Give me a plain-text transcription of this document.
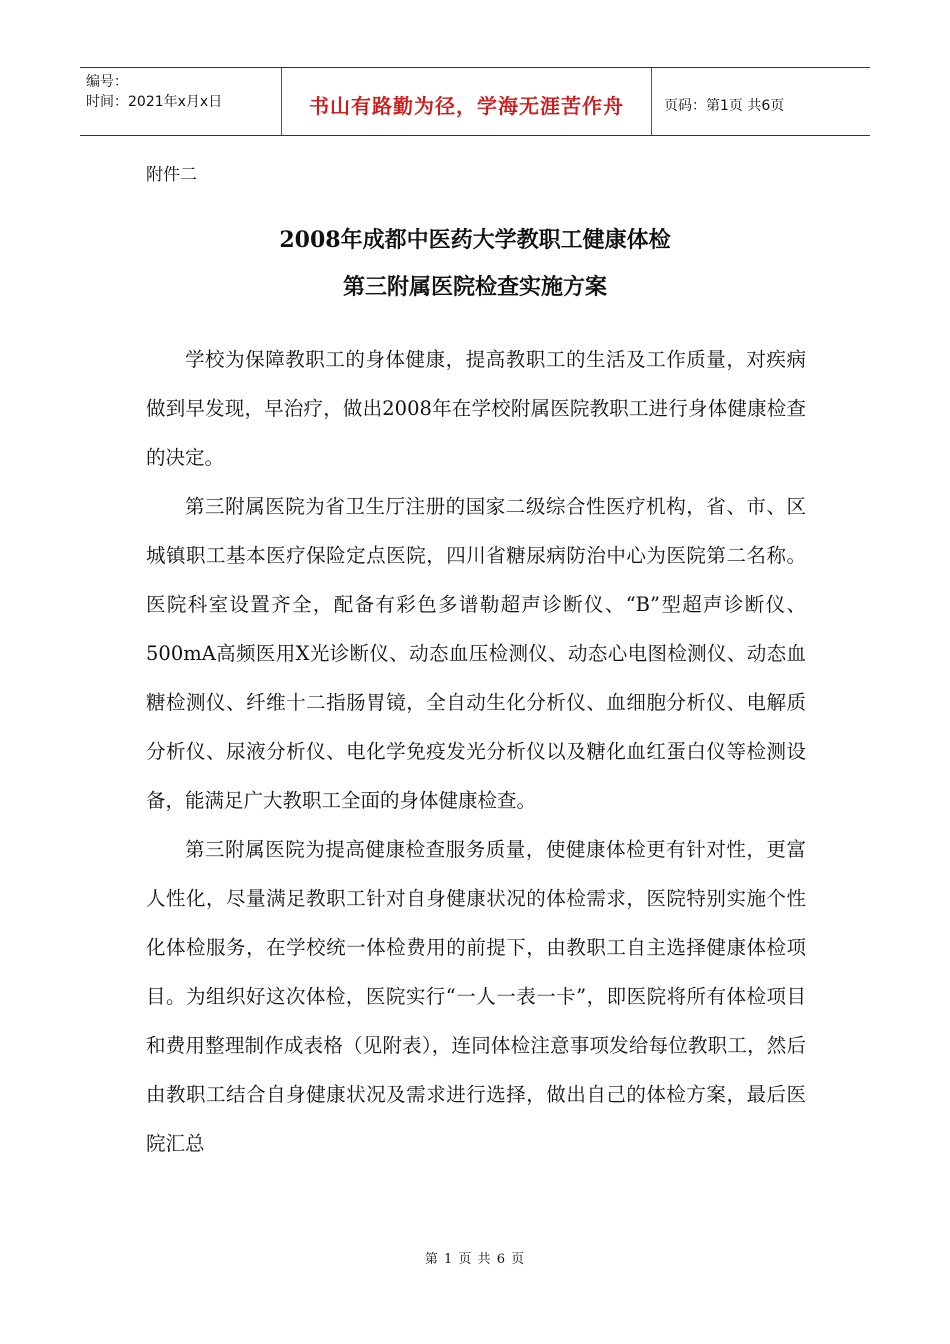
编号：
时间：2021年x月x日	书山有路勤为径，学海无涯苦作舟	页码：第1页 共6页
附件二
2008年成都中医药大学教职工健康体检
第三附属医院检查实施方案

学校为保障教职工的身体健康，提高教职工的生活及工作质量，对疾病做到早发现，早治疗，做出2008年在学校附属医院教职工进行身体健康检查的决定。

第三附属医院为省卫生厅注册的国家二级综合性医疗机构，省、市、区城镇职工基本医疗保险定点医院，四川省糖尿病防治中心为医院第二名称。医院科室设置齐全，配备有彩色多谱勒超声诊断仪、“B”型超声诊断仪、500mA高频医用X光诊断仪、动态血压检测仪、动态心电图检测仪、动态血糖检测仪、纤维十二指肠胃镜，全自动生化分析仪、血细胞分析仪、电解质分析仪、尿液分析仪、电化学免疫发光分析仪以及糖化血红蛋白仪等检测设备，能满足广大教职工全面的身体健康检查。

第三附属医院为提高健康检查服务质量，使健康体检更有针对性，更富人性化，尽量满足教职工针对自身健康状况的体检需求，医院特别实施个性化体检服务，在学校统一体检费用的前提下，由教职工自主选择健康体检项目。为组织好这次体检，医院实行“一人一表一卡”，即医院将所有体检项目和费用整理制作成表格（见附表），连同体检注意事项发给每位教职工，然后由教职工结合自身健康状况及需求进行选择，做出自己的体检方案，最后医院汇总

第 1 页 共 6 页
